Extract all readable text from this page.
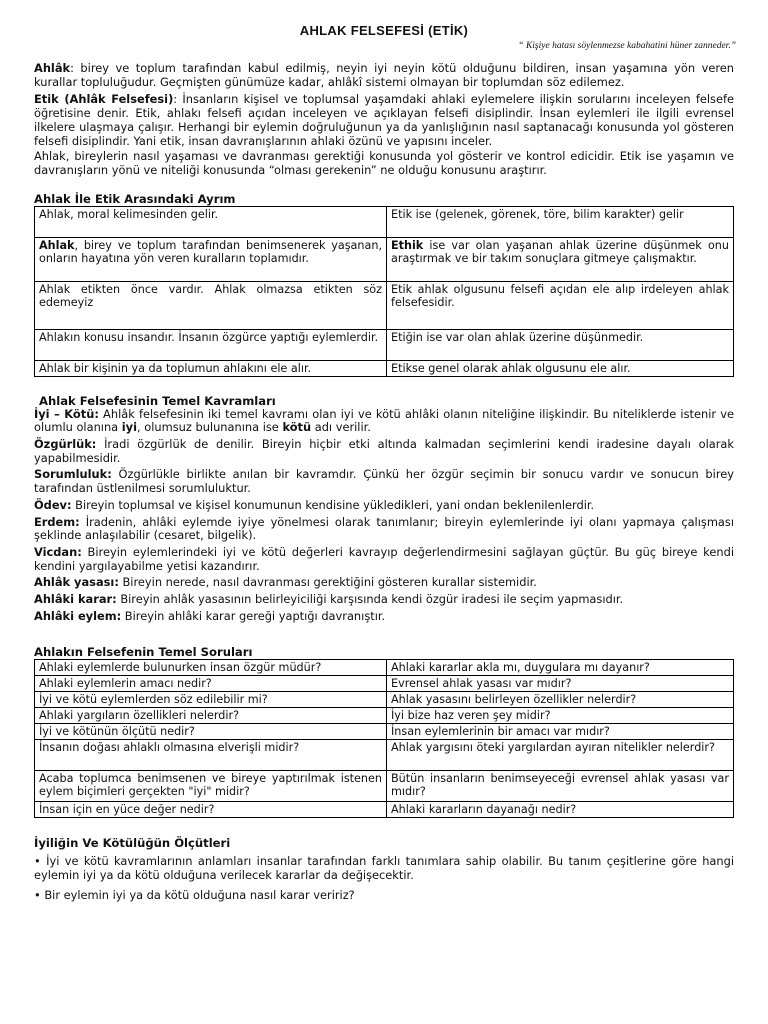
AHLAK FELSEFESİ (ETİK)
“ Kişiye hatası söylenmezse kabahatini hüner zanneder.”

Ahlâk: birey ve toplum tarafından kabul edilmiş, neyin iyi neyin kötü olduğunu bildiren, insan yaşamına yön veren kurallar topluluğudur. Geçmişten günümüze kadar, ahlâkî sistemi olmayan bir toplumdan söz edilemez.

Etik (Ahlâk Felsefesi): İnsanların kişisel ve toplumsal yaşamdaki ahlaki eylemelere ilişkin sorularını inceleyen felsefe öğretisine denir. Etik, ahlakı felsefi açıdan inceleyen ve açıklayan felsefi disiplindir. İnsan eylemleri ile ilgili evrensel ilkelere ulaşmaya çalışır. Herhangi bir eylemin doğruluğunun ya da yanlışlığının nasıl saptanacağı konusunda yol gösteren felsefi disiplindir. Yani etik, insan davranışlarının ahlaki özünü ve yapısını inceler.

Ahlak, bireylerin nasıl yaşaması ve davranması gerektiği konusunda yol gösterir ve kontrol edicidir. Etik ise yaşamın ve davranışların yönü ve niteliği konusunda “olması gerekenin” ne olduğu konusunu araştırır.

Ahlak İle Etik Arasındaki Ayrım
Ahlak, moral kelimesinden gelir.	Etik ise (gelenek, görenek, töre, bilim karakter) gelir
Ahlak, birey ve toplum tarafından benimsenerek yaşanan, onların hayatına yön veren kuralların toplamıdır.	Ethik ise var olan yaşanan ahlak üzerine düşünmek onu araştırmak ve bir takım sonuçlara gitmeye çalışmaktır.
Ahlak etikten önce vardır. Ahlak olmazsa etikten söz edemeyiz	Etik ahlak olgusunu felsefi açıdan ele alıp irdeleyen ahlak felsefesidir.
Ahlakın konusu insandır. İnsanın özgürce yaptığı eylemlerdir.	Etiğin ise var olan ahlak üzerine düşünmedir.
Ahlak bir kişinin ya da toplumun ahlakını ele alır.	Etikse genel olarak ahlak olgusunu ele alır.
Ahlak Felsefesinin Temel Kavramları

İyi – Kötü: Ahlâk felsefesinin iki temel kavramı olan iyi ve kötü ahlâki olanın niteliğine ilişkindir. Bu niteliklerde istenir ve olumlu olanına iyi, olumsuz bulunanına ise kötü adı verilir.

Özgürlük: İradi özgürlük de denilir. Bireyin hiçbir etki altında kalmadan seçimlerini kendi iradesine dayalı olarak yapabilmesidir.

Sorumluluk: Özgürlükle birlikte anılan bir kavramdır. Çünkü her özgür seçimin bir sonucu vardır ve sonucun birey tarafından üstlenilmesi sorumluluktur.

Ödev: Bireyin toplumsal ve kişisel konumunun kendisine yükledikleri, yani ondan beklenilenlerdir.

Erdem: İradenin, ahlâki eylemde iyiye yönelmesi olarak tanımlanır; bireyin eylemlerinde iyi olanı yapmaya çalışması şeklinde anlaşılabilir (cesaret, bilgelik).

Vicdan: Bireyin eylemlerindeki iyi ve kötü değerleri kavrayıp değerlendirmesini sağlayan güçtür. Bu güç bireye kendi kendini yargılayabilme yetisi kazandırır.

Ahlâk yasası: Bireyin nerede, nasıl davranması gerektiğini gösteren kurallar sistemidir.

Ahlâki karar: Bireyin ahlâk yasasının belirleyiciliği karşısında kendi özgür iradesi ile seçim yapmasıdır.

Ahlâki eylem: Bireyin ahlâki karar gereği yaptığı davranıştır.

Ahlakın Felsefenin Temel Soruları
Ahlaki eylemlerde bulunurken insan özgür müdür?	Ahlaki kararlar akla mı, duygulara mı dayanır?
Ahlaki eylemlerin amacı nedir?	Evrensel ahlak yasası var mıdır?
İyi ve kötü eylemlerden söz edilebilir mi?	Ahlak yasasını belirleyen özellikler nelerdir?
Ahlaki yargıların özellikleri nelerdir?	İyi bize haz veren şey midir?
İyi ve kötünün ölçütü nedir?	İnsan eylemlerinin bir amacı var mıdır?
İnsanın doğası ahlaklı olmasına elverişli midir?	Ahlak yargısını öteki yargılardan ayıran nitelikler nelerdir?
Acaba toplumca benimsenen ve bireye yaptırılmak istenen eylem biçimleri gerçekten "iyi" midir?	Bütün insanların benimseyeceği evrensel ahlak yasası var mıdır?
İnsan için en yüce değer nedir?	Ahlaki kararların dayanağı nedir?
İyiliğin Ve Kötülüğün Ölçütleri
• İyi ve kötü kavramlarının anlamları insanlar tarafından farklı tanımlara sahip olabilir. Bu tanım çeşitlerine göre hangi eylemin iyi ya da kötü olduğuna verilecek kararlar da değişecektir.
• Bir eylemin iyi ya da kötü olduğuna nasıl karar veririz?
